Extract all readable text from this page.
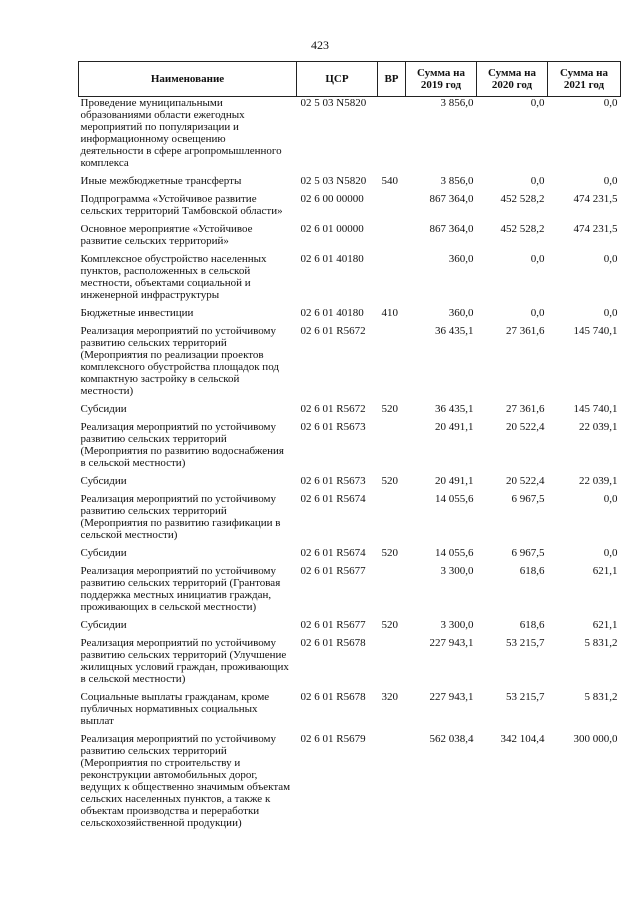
423
Наименование	ЦСР	ВР	Сумма на 2019 год	Сумма на 2020 год	Сумма на 2021 год
Проведение муниципальными образованиями области ежегодных мероприятий по популяризации и информационному освещению деятельности в сфере агропромышленного комплекса	02 5 03 N5820		3 856,0	0,0	0,0
Иные межбюджетные трансферты	02 5 03 N5820	540	3 856,0	0,0	0,0
Подпрограмма «Устойчивое развитие сельских территорий Тамбовской области»	02 6 00 00000		867 364,0	452 528,2	474 231,5
Основное мероприятие «Устойчивое развитие сельских территорий»	02 6 01 00000		867 364,0	452 528,2	474 231,5
Комплексное обустройство населенных пунктов, расположенных в сельской местности, объектами социальной и инженерной инфраструктуры	02 6 01 40180		360,0	0,0	0,0
Бюджетные инвестиции	02 6 01 40180	410	360,0	0,0	0,0
Реализация мероприятий по устойчивому развитию сельских территорий (Мероприятия по реализации проектов комплексного обустройства площадок под компактную застройку в сельской местности)	02 6 01 R5672		36 435,1	27 361,6	145 740,1
Субсидии	02 6 01 R5672	520	36 435,1	27 361,6	145 740,1
Реализация мероприятий по устойчивому развитию сельских территорий (Мероприятия по развитию водоснабжения в сельской местности)	02 6 01 R5673		20 491,1	20 522,4	22 039,1
Субсидии	02 6 01 R5673	520	20 491,1	20 522,4	22 039,1
Реализация мероприятий по устойчивому развитию сельских территорий (Мероприятия по развитию газификации в сельской местности)	02 6 01 R5674		14 055,6	6 967,5	0,0
Субсидии	02 6 01 R5674	520	14 055,6	6 967,5	0,0
Реализация мероприятий по устойчивому развитию сельских территорий (Грантовая поддержка местных инициатив граждан, проживающих в сельской местности)	02 6 01 R5677		3 300,0	618,6	621,1
Субсидии	02 6 01 R5677	520	3 300,0	618,6	621,1
Реализация мероприятий по устойчивому развитию сельских территорий (Улучшение жилищных условий граждан, проживающих в сельской местности)	02 6 01 R5678		227 943,1	53 215,7	5 831,2
Социальные выплаты гражданам, кроме публичных нормативных социальных выплат	02 6 01 R5678	320	227 943,1	53 215,7	5 831,2
Реализация мероприятий по устойчивому развитию сельских территорий (Мероприятия по строительству и реконструкции автомобильных дорог, ведущих к общественно значимым объектам сельских населенных пунктов, а также к объектам производства и переработки сельскохозяйственной продукции)	02 6 01 R5679		562 038,4	342 104,4	300 000,0
